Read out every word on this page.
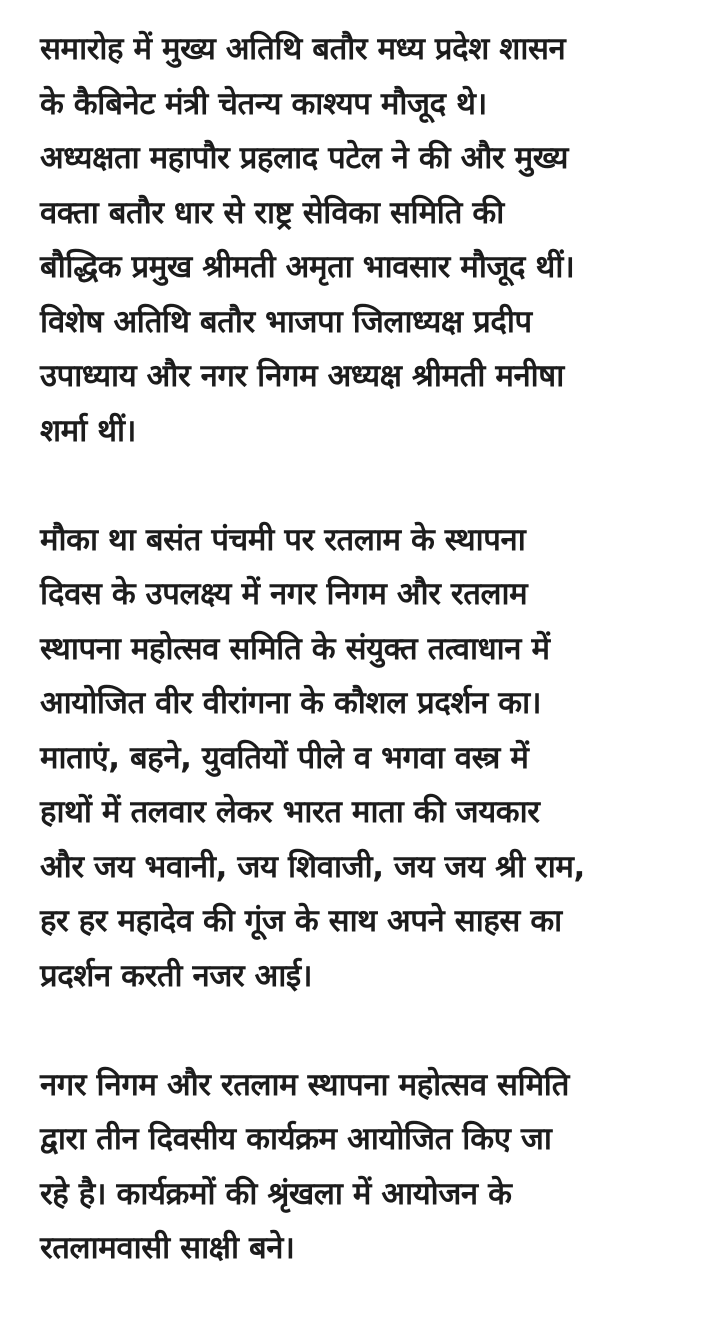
समारोह में मुख्य अतिथि बतौर मध्य प्रदेश शासन
के कैबिनेट मंत्री चेतन्य काश्यप मौजूद थे।
अध्यक्षता महापौर प्रहलाद पटेल ने की और मुख्य
वक्ता बतौर धार से राष्ट्र सेविका समिति की
बौद्धिक प्रमुख श्रीमती अमृता भावसार मौजूद थीं।
विशेष अतिथि बतौर भाजपा जिलाध्यक्ष प्रदीप
उपाध्याय और नगर निगम अध्यक्ष श्रीमती मनीषा
शर्मा थीं।

मौका था बसंत पंचमी पर रतलाम के स्थापना
दिवस के उपलक्ष्य में नगर निगम और रतलाम
स्थापना महोत्सव समिति के संयुक्त तत्वाधान में
आयोजित वीर वीरांगना के कौशल प्रदर्शन का।
माताएं, बहने, युवतियों पीले व भगवा वस्त्र में
हाथों में तलवार लेकर भारत माता की जयकार
और जय भवानी, जय शिवाजी, जय जय श्री राम,
हर हर महादेव की गूंज के साथ अपने साहस का
प्रदर्शन करती नजर आई।

नगर निगम और रतलाम स्थापना महोत्सव समिति
द्वारा तीन दिवसीय कार्यक्रम आयोजित किए जा
रहे है। कार्यक्रमों की श्रृंखला में आयोजन के
रतलामवासी साक्षी बने।
